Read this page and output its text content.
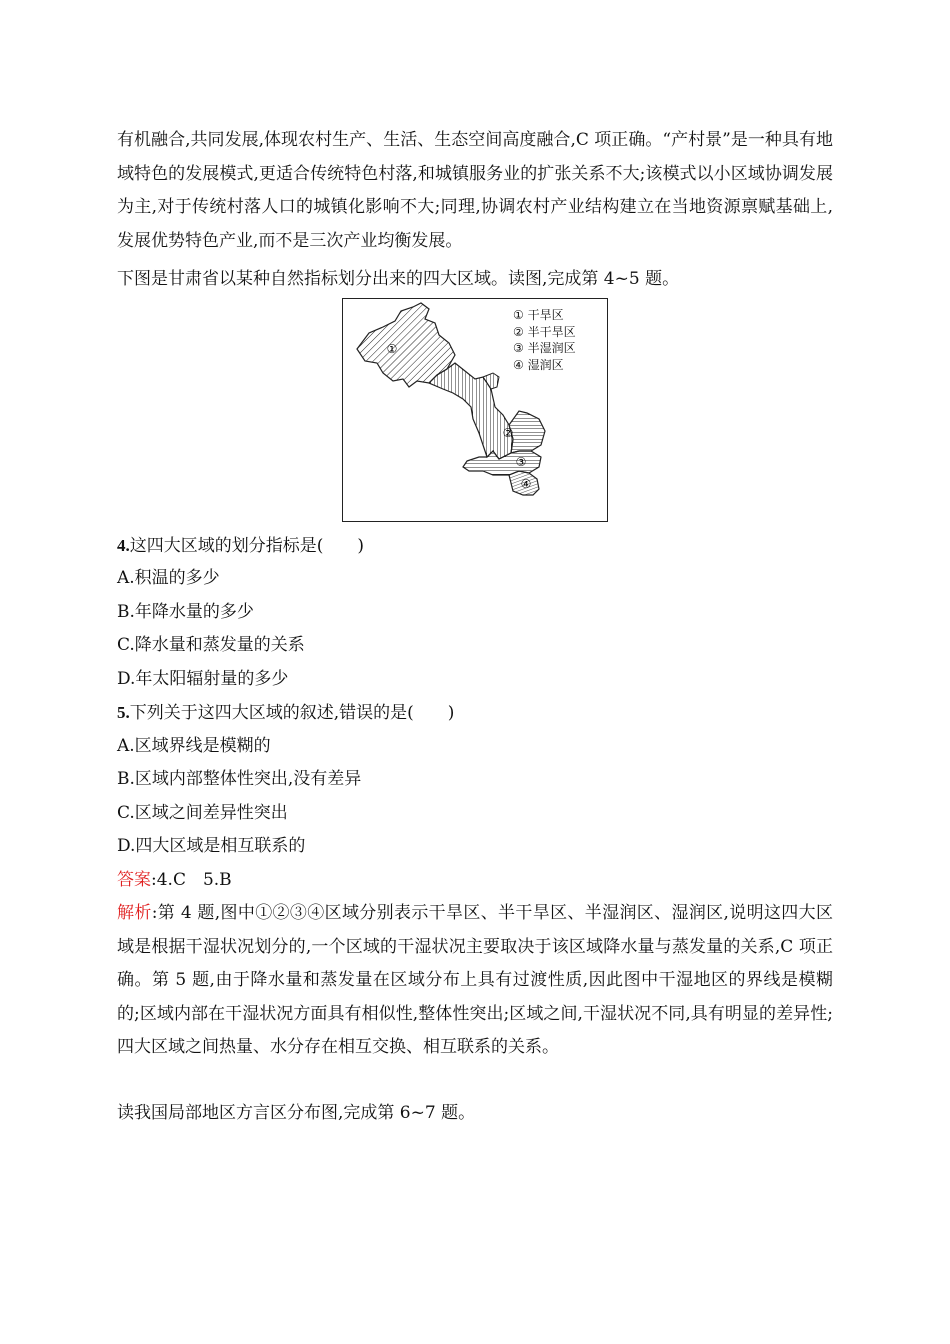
有机融合,共同发展,体现农村生产、生活、生态空间高度融合,C 项正确。“产村景”是一种具有地域特色的发展模式,更适合传统特色村落,和城镇服务业的扩张关系不大;该模式以小区域协调发展为主,对于传统村落人口的城镇化影响不大;同理,协调农村产业结构建立在当地资源禀赋基础上,发展优势特色产业,而不是三次产业均衡发展。

下图是甘肃省以某种自然指标划分出来的四大区域。读图,完成第 4~5 题。

①
②
③
④
① 干旱区
② 半干旱区
③ 半湿润区
④ 湿润区

4.这四大区域的划分指标是(　　)

A.积温的多少

B.年降水量的多少

C.降水量和蒸发量的关系

D.年太阳辐射量的多少

5.下列关于这四大区域的叙述,错误的是(　　)

A.区域界线是模糊的

B.区域内部整体性突出,没有差异

C.区域之间差异性突出

D.四大区域是相互联系的

答案:4.C　5.B

解析:第 4 题,图中①②③④区域分别表示干旱区、半干旱区、半湿润区、湿润区,说明这四大区域是根据干湿状况划分的,一个区域的干湿状况主要取决于该区域降水量与蒸发量的关系,C 项正确。第 5 题,由于降水量和蒸发量在区域分布上具有过渡性质,因此图中干湿地区的界线是模糊的;区域内部在干湿状况方面具有相似性,整体性突出;区域之间,干湿状况不同,具有明显的差异性;四大区域之间热量、水分存在相互交换、相互联系的关系。

读我国局部地区方言区分布图,完成第 6~7 题。
